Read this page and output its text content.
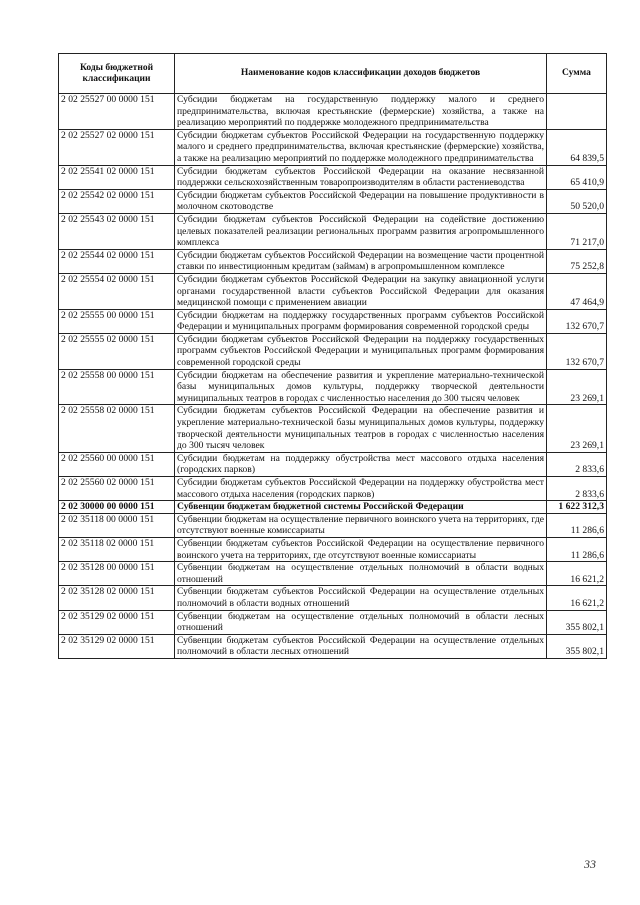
Коды бюджетной классификации	Наименование кодов классификации доходов бюджетов	Сумма
2 02 25527 00 0000 151	Субсидии бюджетам на государственную поддержку малого и среднего предпринимательства, включая крестьянские (фермерские) хозяйства, а также на реализацию мероприятий по поддержке молодежного предпринимательства	
2 02 25527 02 0000 151	Субсидии бюджетам субъектов Российской Федерации на государственную поддержку малого и среднего предпринимательства, включая крестьянские (фермерские) хозяйства, а также на реализацию мероприятий по поддержке молодежного предпринимательства	64 839,5
2 02 25541 02 0000 151	Субсидии бюджетам субъектов Российской Федерации на оказание несвязанной поддержки сельскохозяйственным товаропроизводителям в области растениеводства	65 410,9
2 02 25542 02 0000 151	Субсидии бюджетам субъектов Российской Федерации на повышение продуктивности в молочном скотоводстве	50 520,0
2 02 25543 02 0000 151	Субсидии бюджетам субъектов Российской Федерации на содействие достижению целевых показателей реализации региональных программ развития агропромышленного комплекса	71 217,0
2 02 25544 02 0000 151	Субсидии бюджетам субъектов Российской Федерации на возмещение части процентной ставки по инвестиционным кредитам (займам) в агропромышленном комплексе	75 252,8
2 02 25554 02 0000 151	Субсидии бюджетам субъектов Российской Федерации на закупку авиационной услуги органами государственной власти субъектов Российской Федерации для оказания медицинской помощи с применением авиации	47 464,9
2 02 25555 00 0000 151	Субсидии бюджетам на поддержку государственных программ субъектов Российской Федерации и муниципальных программ формирования современной городской среды	132 670,7
2 02 25555 02 0000 151	Субсидии бюджетам субъектов Российской Федерации на поддержку государственных программ субъектов Российской Федерации и муниципальных программ формирования современной городской среды	132 670,7
2 02 25558 00 0000 151	Субсидии бюджетам на обеспечение развития и укрепление материально-технической базы муниципальных домов культуры, поддержку творческой деятельности муниципальных театров в городах с численностью населения до 300 тысяч человек	23 269,1
2 02 25558 02 0000 151	Субсидии бюджетам субъектов Российской Федерации на обеспечение развития и укрепление материально-технической базы муниципальных домов культуры, поддержку творческой деятельности муниципальных театров в городах с численностью населения до 300 тысяч человек	23 269,1
2 02 25560 00 0000 151	Субсидии бюджетам на поддержку обустройства мест массового отдыха населения (городских парков)	2 833,6
2 02 25560 02 0000 151	Субсидии бюджетам субъектов Российской Федерации на поддержку обустройства мест массового отдыха населения (городских парков)	2 833,6
2 02 30000 00 0000 151	Субвенции бюджетам бюджетной системы Российской Федерации	1 622 312,3
2 02 35118 00 0000 151	Субвенции бюджетам на осуществление первичного воинского учета на территориях, где отсутствуют военные комиссариаты	11 286,6
2 02 35118 02 0000 151	Субвенции бюджетам субъектов Российской Федерации на осуществление первичного воинского учета на территориях, где отсутствуют военные комиссариаты	11 286,6
2 02 35128 00 0000 151	Субвенции бюджетам на осуществление отдельных полномочий в области водных отношений	16 621,2
2 02 35128 02 0000 151	Субвенции бюджетам субъектов Российской Федерации на осуществление отдельных полномочий в области водных отношений	16 621,2
2 02 35129 02 0000 151	Субвенции бюджетам на осуществление отдельных полномочий в области лесных отношений	355 802,1
2 02 35129 02 0000 151	Субвенции бюджетам субъектов Российской Федерации на осуществление отдельных полномочий в области лесных отношений	355 802,1
33
